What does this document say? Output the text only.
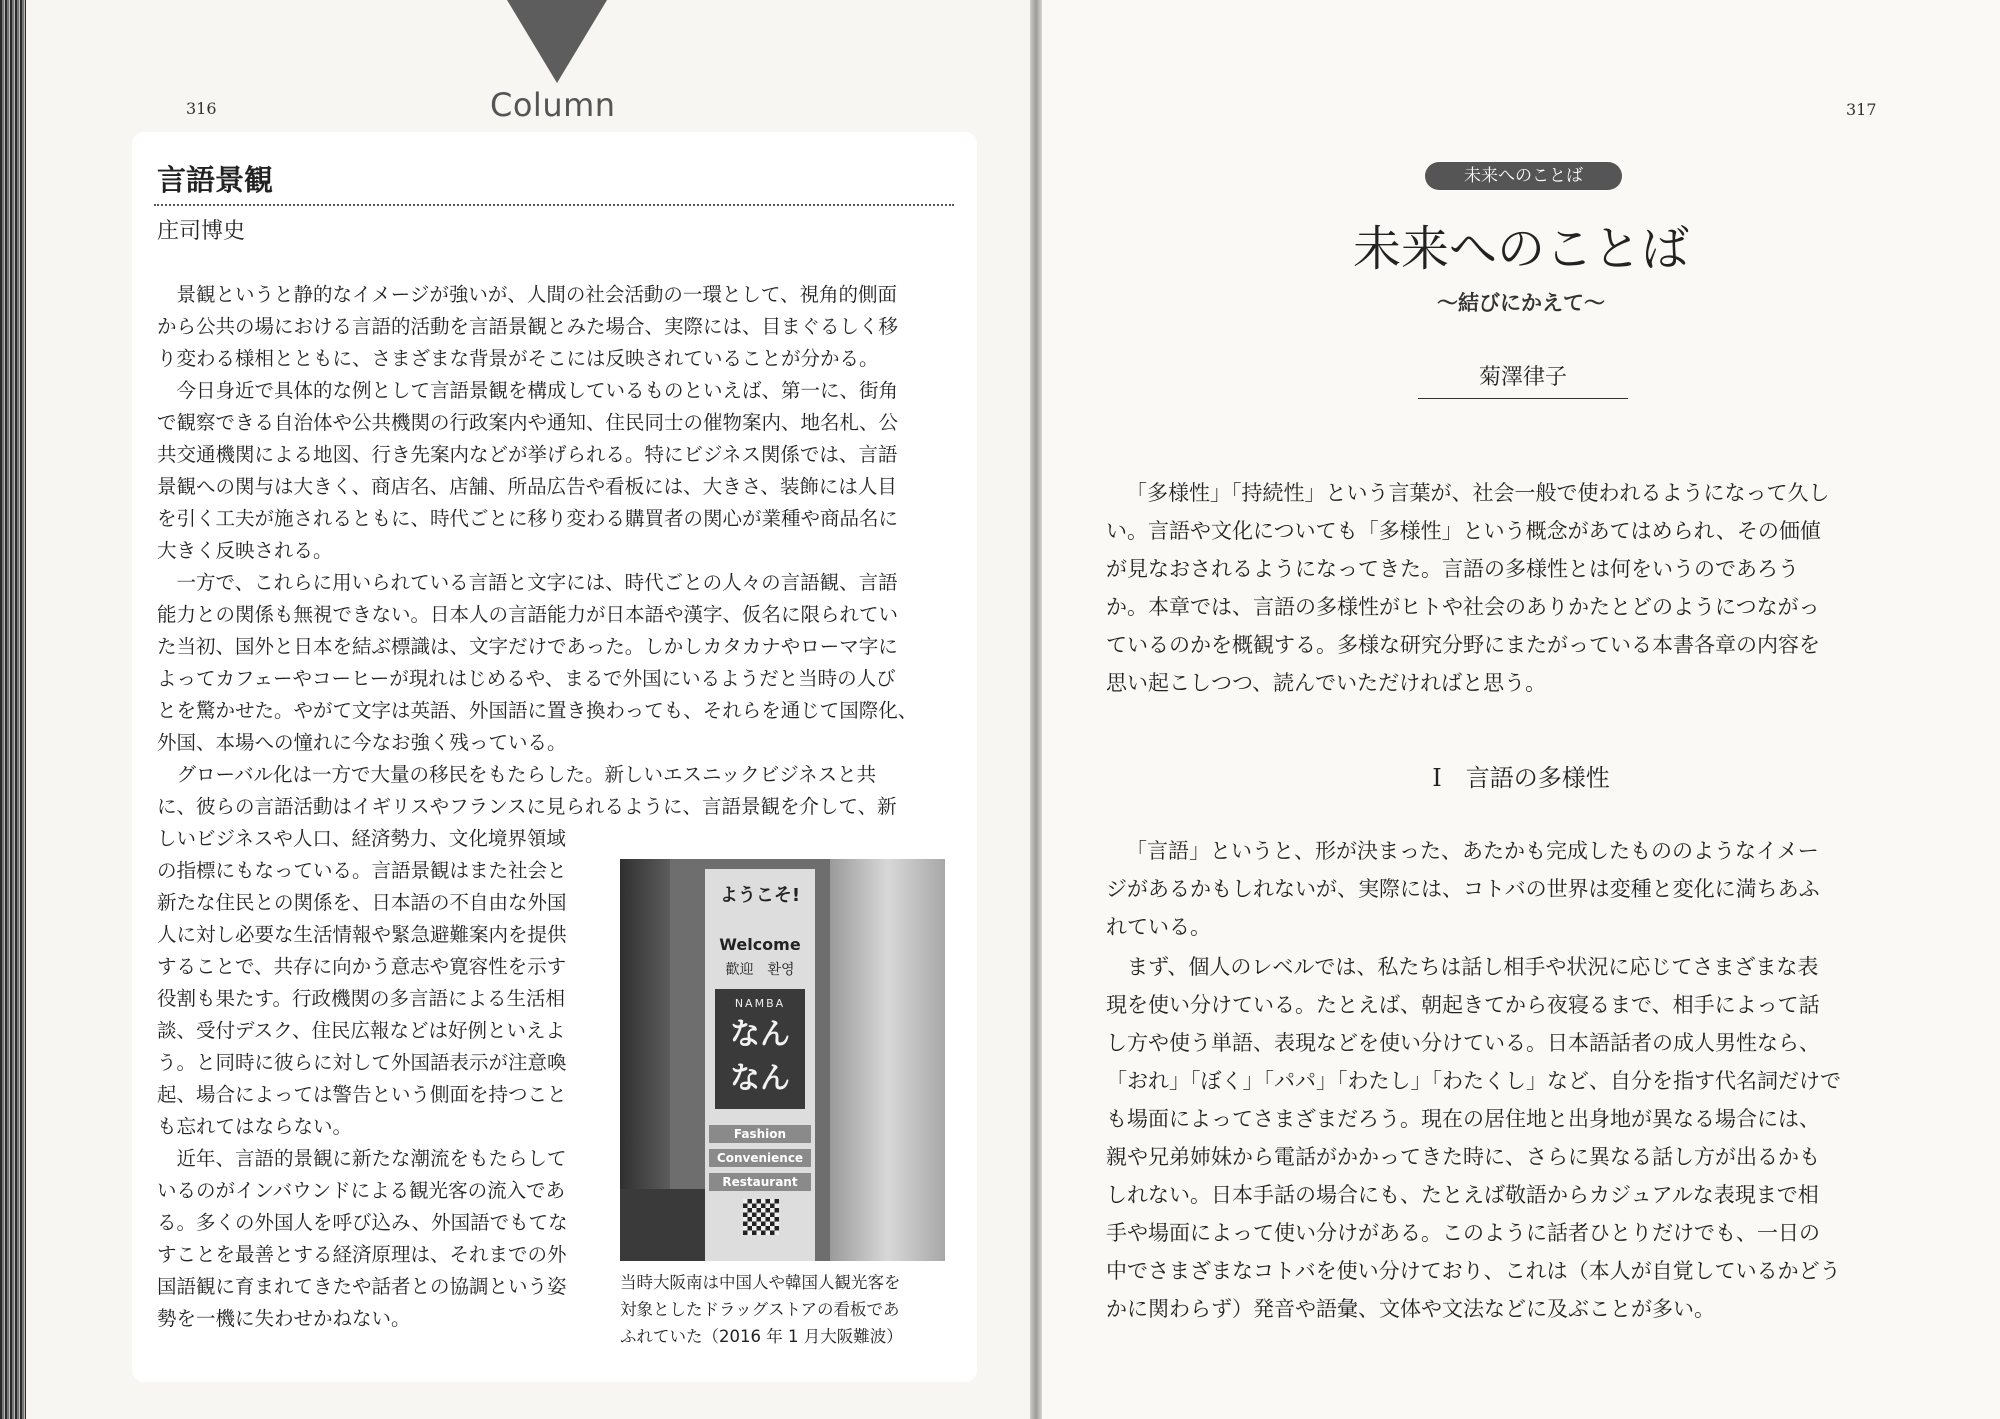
316	Column
言語景観
庄司博史
　景観というと静的なイメージが強いが、人間の社会活動の一環として、視角的側面
から公共の場における言語的活動を言語景観とみた場合、実際には、目まぐるしく移
り変わる様相とともに、さまざまな背景がそこには反映されていることが分かる。
　今日身近で具体的な例として言語景観を構成しているものといえば、第一に、街角
で観察できる自治体や公共機関の行政案内や通知、住民同士の催物案内、地名札、公
共交通機関による地図、行き先案内などが挙げられる。特にビジネス関係では、言語
景観への関与は大きく、商店名、店舗、所品広告や看板には、大きさ、装飾には人目
を引く工夫が施されるともに、時代ごとに移り変わる購買者の関心が業種や商品名に
大きく反映される。
　一方で、これらに用いられている言語と文字には、時代ごとの人々の言語観、言語
能力との関係も無視できない。日本人の言語能力が日本語や漢字、仮名に限られてい
た当初、国外と日本を結ぶ標識は、文字だけであった。しかしカタカナやローマ字に
よってカフェーやコーヒーが現れはじめるや、まるで外国にいるようだと当時の人び
とを驚かせた。やがて文字は英語、外国語に置き換わっても、それらを通じて国際化、
外国、本場への憧れに今なお強く残っている。
　グローバル化は一方で大量の移民をもたらした。新しいエスニックビジネスと共
に、彼らの言語活動はイギリスやフランスに見られるように、言語景観を介して、新
しいビジネスや人口、経済勢力、文化境界領域
の指標にもなっている。言語景観はまた社会と
新たな住民との関係を、日本語の不自由な外国
人に対し必要な生活情報や緊急避難案内を提供
することで、共存に向かう意志や寛容性を示す
役割も果たす。行政機関の多言語による生活相
談、受付デスク、住民広報などは好例といえよ
う。と同時に彼らに対して外国語表示が注意喚
起、場合によっては警告という側面を持つこと
も忘れてはならない。
　近年、言語的景観に新たな潮流をもたらして
いるのがインバウンドによる観光客の流入であ
る。多くの外国人を呼び込み、外国語でもてな
すことを最善とする経済原理は、それまでの外
国語観に育まれてきたや話者との協調という姿
勢を一機に失わせかねない。
ようこそ!
Welcome
歡迎　환영
NAMBA
なん
なん
Fashion
Convenience
Restaurant
当時大阪南は中国人や韓国人観光客を
対象としたドラッグストアの看板であ
ふれていた（2016 年 1 月大阪難波）
317
未来へのことば
未来へのことば
～結びにかえて～
菊澤律子
「多様性」「持続性」という言葉が、社会一般で使われるようになって久し
い。言語や文化についても「多様性」という概念があてはめられ、その価値
が見なおされるようになってきた。言語の多様性とは何をいうのであろう
か。本章では、言語の多様性がヒトや社会のありかたとどのようにつながっ
ているのかを概観する。多様な研究分野にまたがっている本書各章の内容を
思い起こしつつ、読んでいただければと思う。
Ⅰ　言語の多様性
「言語」というと、形が決まった、あたかも完成したもののようなイメー
ジがあるかもしれないが、実際には、コトバの世界は変種と変化に満ちあふ
れている。
　まず、個人のレベルでは、私たちは話し相手や状況に応じてさまざまな表
現を使い分けている。たとえば、朝起きてから夜寝るまで、相手によって話
し方や使う単語、表現などを使い分けている。日本語話者の成人男性なら、
「おれ」「ぼく」「パパ」「わたし」「わたくし」など、自分を指す代名詞だけで
も場面によってさまざまだろう。現在の居住地と出身地が異なる場合には、
親や兄弟姉妹から電話がかかってきた時に、さらに異なる話し方が出るかも
しれない。日本手話の場合にも、たとえば敬語からカジュアルな表現まで相
手や場面によって使い分けがある。このように話者ひとりだけでも、一日の
中でさまざまなコトバを使い分けており、これは（本人が自覚しているかどう
かに関わらず）発音や語彙、文体や文法などに及ぶことが多い。
